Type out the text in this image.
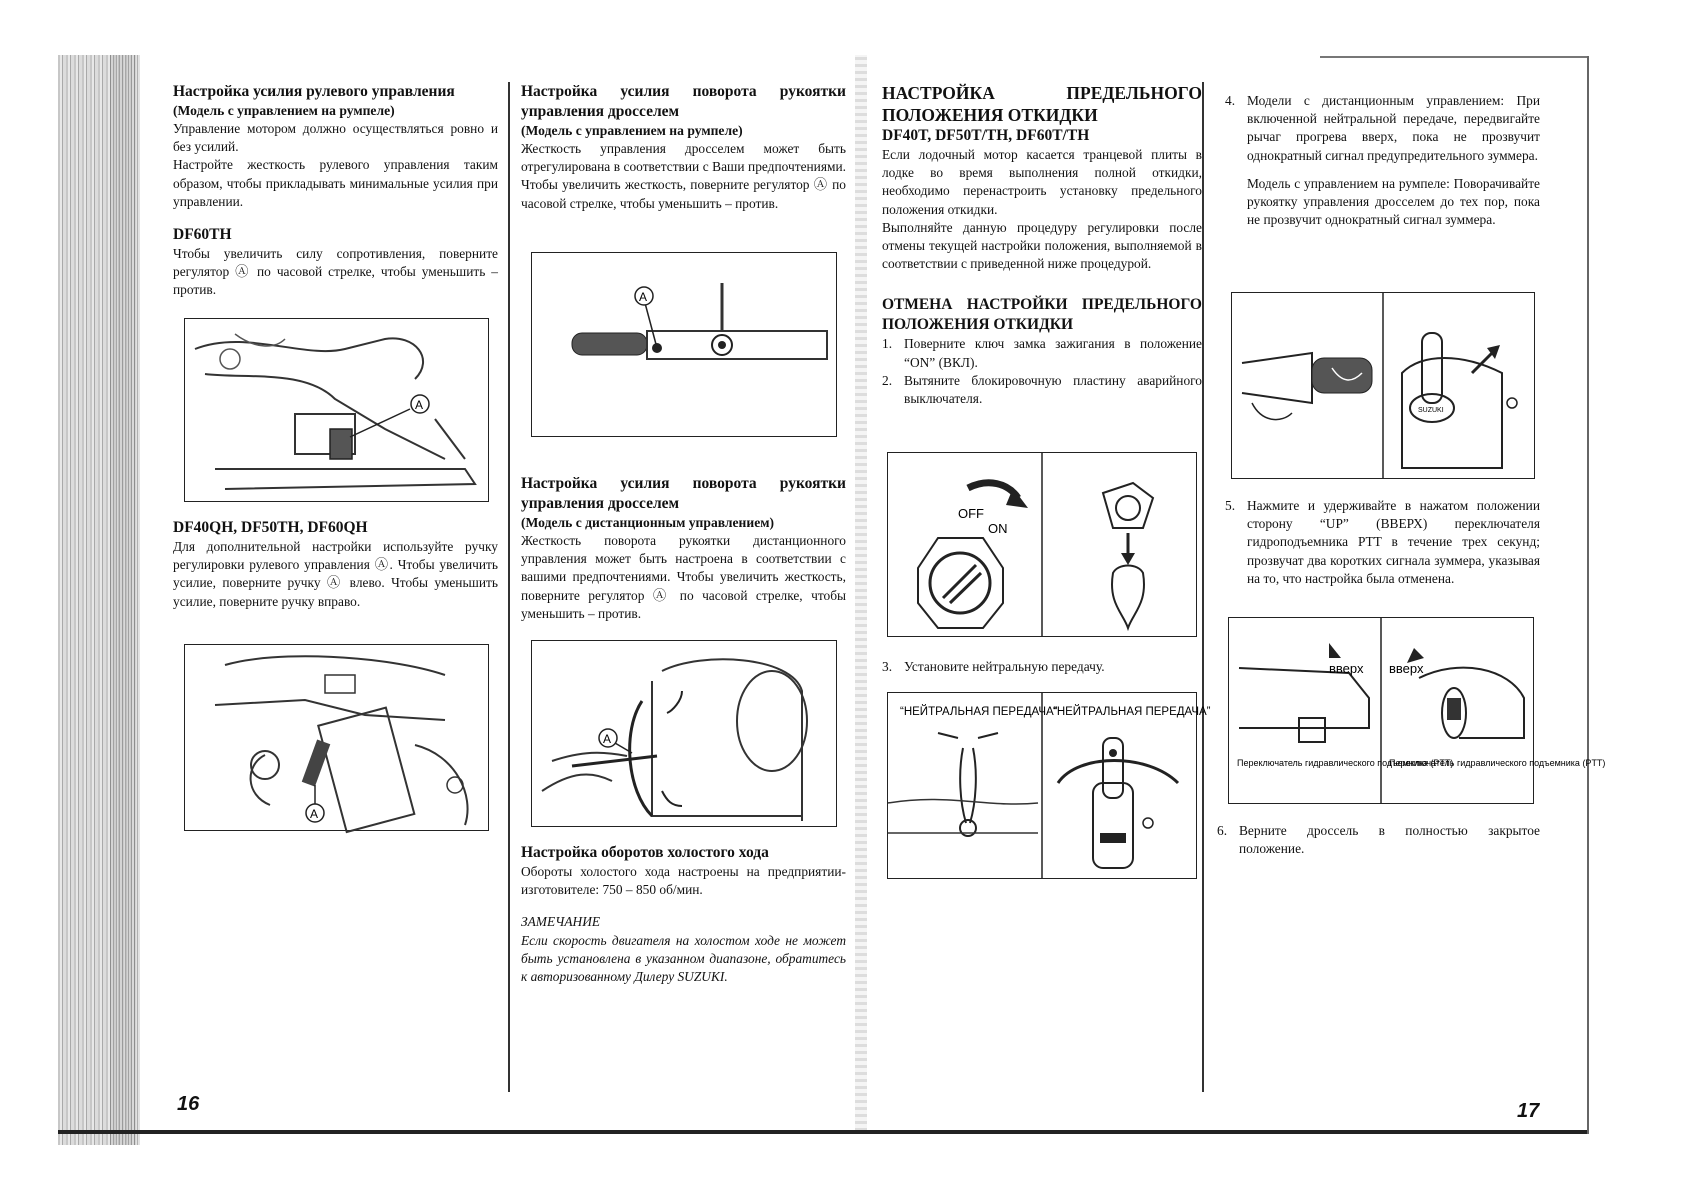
Настройка усилия рулевого управления

(Модель с управлением на румпеле)

Управление мотором должно осуществляться ровно и без усилий.

Настройте жесткость рулевого управления таким образом, чтобы прикладывать минимальные усилия при управлении.

DF60TH

Чтобы увеличить силу сопротивления, поверните регулятор Ⓐ по часовой стрелке, чтобы уменьшить – против.

A

DF40QH, DF50TH, DF60QH

Для дополнительной настройки используйте ручку регулировки рулевого управления Ⓐ. Чтобы увеличить усилие, поверните ручку Ⓐ влево. Чтобы уменьшить усилие, поверните ручку вправо.

A

Настройка усилия поворота рукоятки управления дросселем

(Модель с управлением на румпеле)

Жесткость управления дросселем может быть отрегулирована в соответствии с Ваши предпочтениями. Чтобы увеличить жесткость, поверните регулятор Ⓐ по часовой стрелке, чтобы уменьшить – против.

A

Настройка усилия поворота рукоятки управления дросселем

(Модель с дистанционным управлением)

Жесткость поворота рукоятки дистанционного управления может быть настроена в соответствии с вашими предпочтениями. Чтобы увеличить жесткость, поверните регулятор Ⓐ по часовой стрелке, чтобы уменьшить – против.

A

Настройка оборотов холостого хода

Обороты холостого хода настроены на предприятии-изготовителе: 750 – 850 об/мин.

ЗАМЕЧАНИЕ

Если скорость двигателя на холостом ходе не может быть установлена в указанном диапазоне, обратитесь к авторизованному Дилеру SUZUKI.

16

НАСТРОЙКА ПРЕДЕЛЬНОГО ПОЛОЖЕНИЯ ОТКИДКИ

DF40T, DF50T/TH, DF60T/TH

Если лодочный мотор касается транцевой плиты в лодке во время выполнения полной откидки, необходимо перенастроить установку предельного положения откидки.

Выполняйте данную процедуру регулировки после отмены текущей настройки положения, выполняемой в соответствии с приведенной ниже процедурой.

ОТМЕНА НАСТРОЙКИ ПРЕДЕЛЬНОГО ПОЛОЖЕНИЯ ОТКИДКИ

1. Поверните ключ замка зажигания в положение “ON” (ВКЛ).
2. Вытяните блокировочную пластину аварийного выключателя.
OFF
ON
3. Установите нейтральную передачу.
“НЕЙТРАЛЬНАЯ ПЕРЕДАЧА”
“НЕЙТРАЛЬНАЯ ПЕРЕДАЧА”
4. Модели с дистанционным управлением: При включенной нейтральной передаче, передвигайте рычаг прогрева вверх, пока не прозвучит однократный сигнал предупредительного зуммера.

Модель с управлением на румпеле: Поворачивайте рукоятку управления дросселем до тех пор, пока не прозвучит однократный сигнал зуммера.

SUZUKI
5. Нажмите и удерживайте в нажатом положении сторону “UP” (ВВЕРХ) переключателя гидроподъемника PTT в течение трех секунд; прозвучат два коротких сигнала зуммера, указывая на то, что настройка была отменена.
вверх
Переключатель гидравлического подъемника (PTT)
вверх
Переключатель гидравлического подъемника (PTT)
6. Верните дроссель в полностью закрытое положение.
17
